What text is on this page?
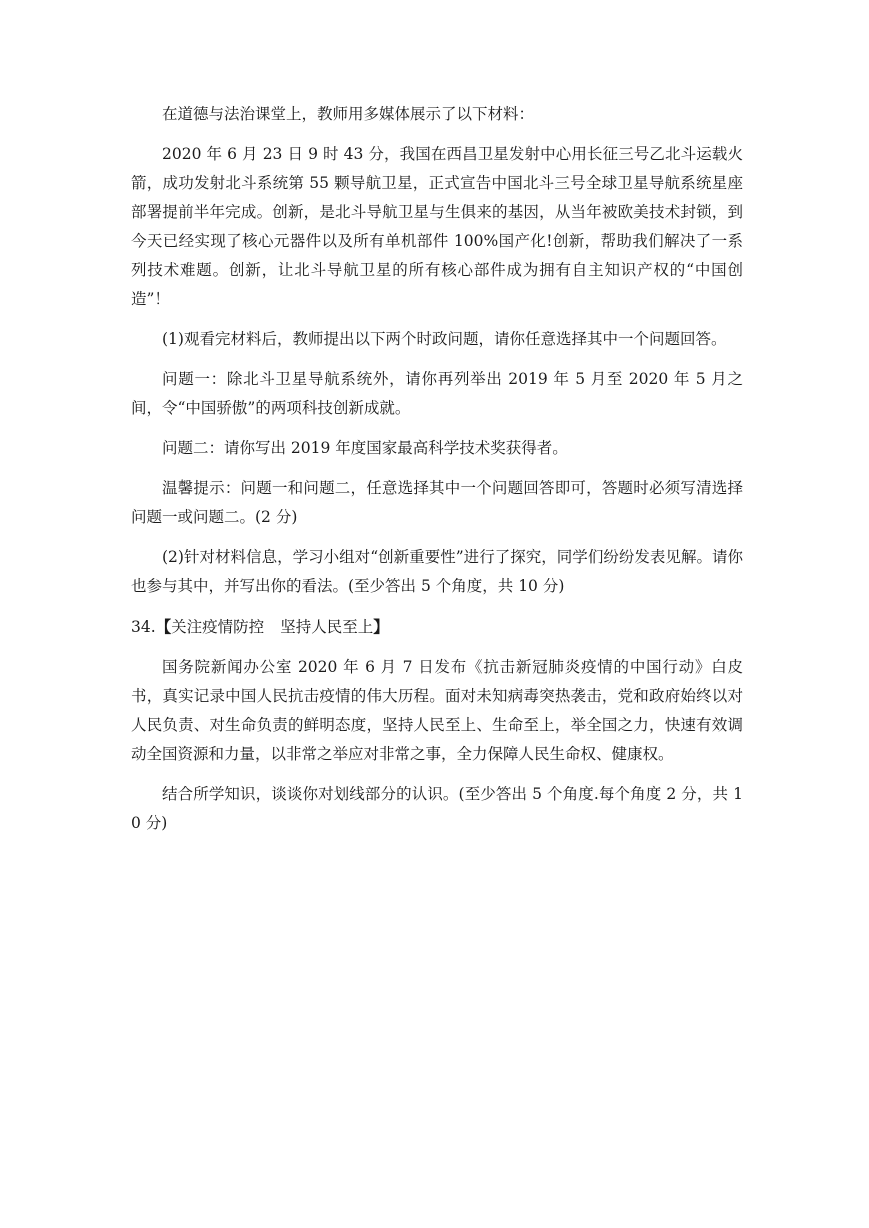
在道德与法治课堂上，教师用多媒体展示了以下材料：

2020 年 6 月 23 日 9 时 43 分，我国在西昌卫星发射中心用长征三号乙北斗运载火箭，成功发射北斗系统第 55 颗导航卫星，正式宣告中国北斗三号全球卫星导航系统星座部署提前半年完成。创新，是北斗导航卫星与生俱来的基因，从当年被欧美技术封锁，到今天已经实现了核心元器件以及所有单机部件 100%国产化!创新，帮助我们解决了一系列技术难题。创新，让北斗导航卫星的所有核心部件成为拥有自主知识产权的“中国创造”！

(1)观看完材料后，教师提出以下两个时政问题，请你任意选择其中一个问题回答。

问题一：除北斗卫星导航系统外，请你再列举出 2019 年 5 月至 2020 年 5 月之间，令“中国骄傲”的两项科技创新成就。

问题二：请你写出 2019 年度国家最高科学技术奖获得者。

温馨提示：问题一和问题二，任意选择其中一个问题回答即可，答题时必须写清选择问题一或问题二。(2 分)

(2)针对材料信息，学习小组对“创新重要性”进行了探究，同学们纷纷发表见解。请你也参与其中，并写出你的看法。(至少答出 5 个角度，共 10 分)

34.【关注疫情防控 坚持人民至上】

国务院新闻办公室 2020 年 6 月 7 日发布《抗击新冠肺炎疫情的中国行动》白皮书，真实记录中国人民抗击疫情的伟大历程。面对未知病毒突热袭击，党和政府始终以对人民负责、对生命负责的鲜明态度，坚持人民至上、生命至上，举全国之力，快速有效调动全国资源和力量，以非常之举应对非常之事，全力保障人民生命权、健康权。

结合所学知识，谈谈你对划线部分的认识。(至少答出 5 个角度.每个角度 2 分，共 10 分)
